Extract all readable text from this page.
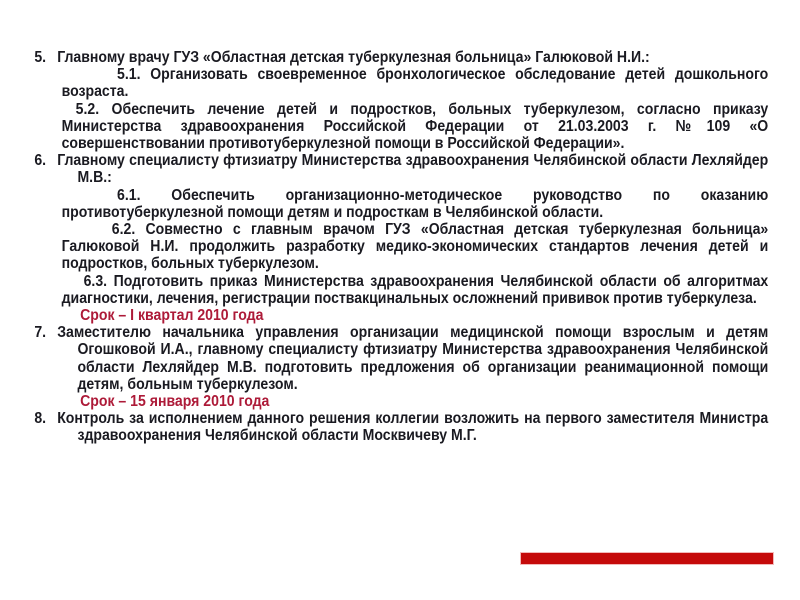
5. Главному врачу ГУЗ «Областная детская туберкулезная больница» Галюковой Н.И.:

5.1. Организовать своевременное бронхологическое обследование детей дошкольного возраста.

5.2. Обеспечить лечение детей и подростков, больных туберкулезом, согласно приказу Министерства здравоохранения Российской Федерации от 21.03.2003 г. №109 «О совершенствовании противотуберкулезной помощи в Российской Федерации».

6. Главному специалисту фтизиатру Министерства здравоохранения Челябинской области Лехляйдер М.В.:

6.1. Обеспечить организационно-методическое руководство по оказанию противотуберкулезной помощи детям и подросткам в Челябинской области.

6.2. Совместно с главным врачом ГУЗ «Областная детская туберкулезная больница» Галюковой Н.И. продолжить разработку медико-экономических стандартов лечения детей и подростков, больных туберкулезом.

6.3. Подготовить приказ Министерства здравоохранения Челябинской области об алгоритмах диагностики, лечения, регистрации поствакцинальных осложнений прививок против туберкулеза.

Срок – I квартал 2010 года

7. Заместителю начальника управления организации медицинской помощи взрослым и детям Огошковой И.А., главному специалисту фтизиатру Министерства здравоохранения Челябинской области Лехляйдер М.В. подготовить предложения об организации реанимационной помощи детям, больным туберкулезом.

Срок – 15 января 2010 года

8. Контроль за исполнением данного решения коллегии возложить на первого заместителя Министра здравоохранения Челябинской области Москвичеву М.Г.
